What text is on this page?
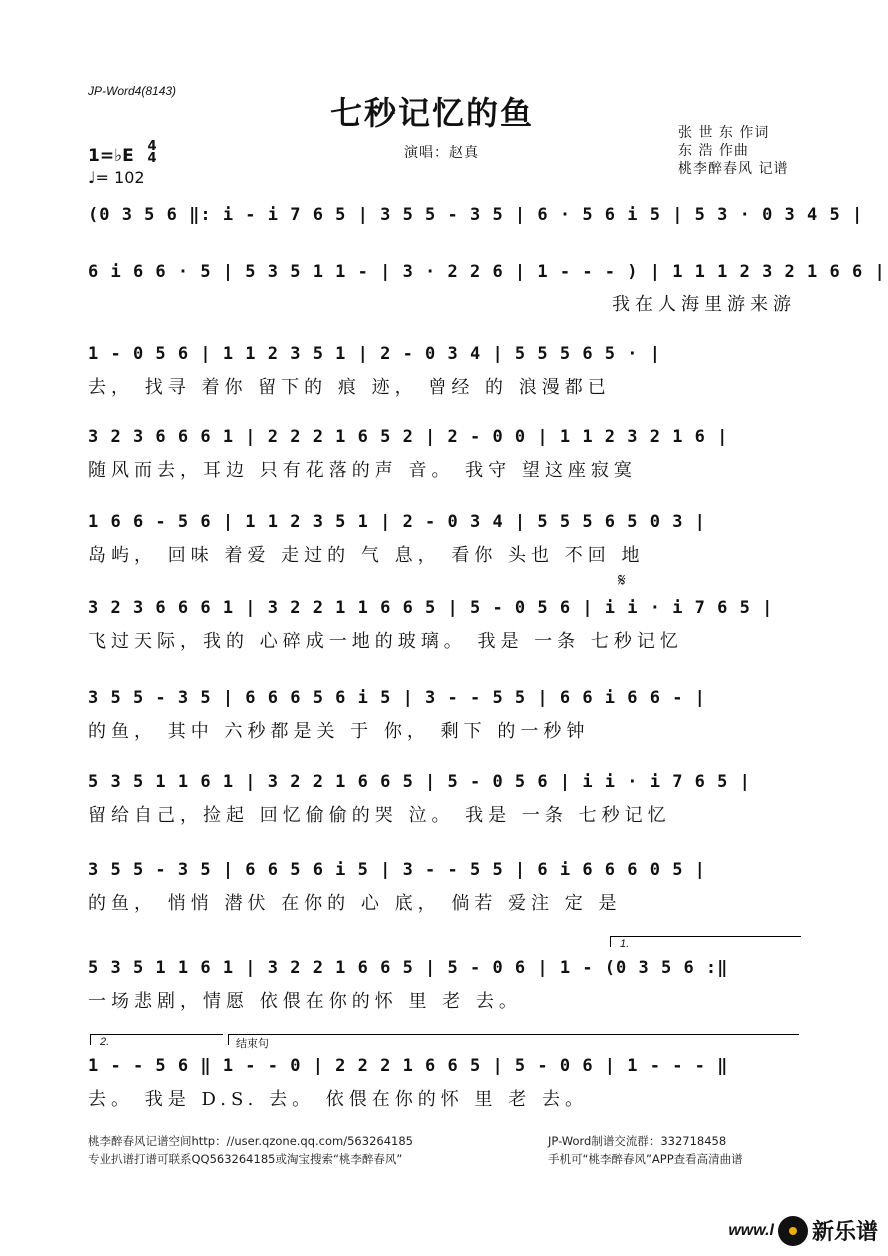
JP-Word4(8143)
七秒记忆的鱼
演唱：赵真
张 世 东 作词
东 浩 作曲
桃李醉春风 记谱
1=♭E 4
4
♩= 102
(0 3 5 6 ‖: i - i 7 6 5 | 3 5 5 - 3 5 | 6 · 5 6 i 5 | 5 3 · 0 3 4 5 |
6 i 6 6 · 5 | 5 3 5 1 1 - | 3 · 2 2 6 | 1 - - - ) | 1 1 1 2 3 2 1 6 6 |
我在人海里游来游
1 - 0 5 6 | 1 1 2 3 5 1 | 2 - 0 3 4 | 5 5 5 6 5 · |
去， 找寻 着你 留下的 痕 迹， 曾经 的 浪漫都已
3 2 3 6 6 6 1 | 2 2 2 1 6 5 2 | 2 - 0 0 | 1 1 2 3 2 1 6 |
随风而去，耳边 只有花落的声 音。 我守 望这座寂寞
1 6 6 - 5 6 | 1 1 2 3 5 1 | 2 - 0 3 4 | 5 5 5 6 5 0 3 |
岛屿， 回味 着爱 走过的 气 息， 看你 头也 不回 地
𝄋
3 2 3 6 6 6 1 | 3 2 2 1 1 6 6 5 | 5 - 0 5 6 | i i · i 7 6 5 |
飞过天际，我的 心碎成一地的玻璃。 我是 一条 七秒记忆
3 5 5 - 3 5 | 6 6 6 5 6 i 5 | 3 - - 5 5 | 6 6 i 6 6 - |
的鱼， 其中 六秒都是关 于 你， 剩下 的一秒钟
5 3 5 1 1 6 1 | 3 2 2 1 6 6 5 | 5 - 0 5 6 | i i · i 7 6 5 |
留给自己，捡起 回忆偷偷的哭 泣。 我是 一条 七秒记忆
3 5 5 - 3 5 | 6 6 5 6 i 5 | 3 - - 5 5 | 6 i 6 6 6 0 5 |
的鱼， 悄悄 潜伏 在你的 心 底， 倘若 爱注 定 是
1.
5 3 5 1 1 6 1 | 3 2 2 1 6 6 5 | 5 - 0 6 | 1 - (0 3 5 6 :‖
一场悲剧，情愿 依偎在你的怀 里 老 去。
2.	结束句
1 - - 5 6 ‖ 1 - - 0 | 2 2 2 1 6 6 5 | 5 - 0 6 | 1 - - - ‖
去。 我是 D.S. 去。 依偎在你的怀 里 老 去。
桃李醉春风记谱空间http：//user.qzone.qq.com/563264185	JP-Word制谱交流群：332718458
专业扒谱打谱可联系QQ563264185或淘宝搜索“桃李醉春风”	手机可“桃李醉春风”APP查看高清曲谱
www.l 新乐谱
